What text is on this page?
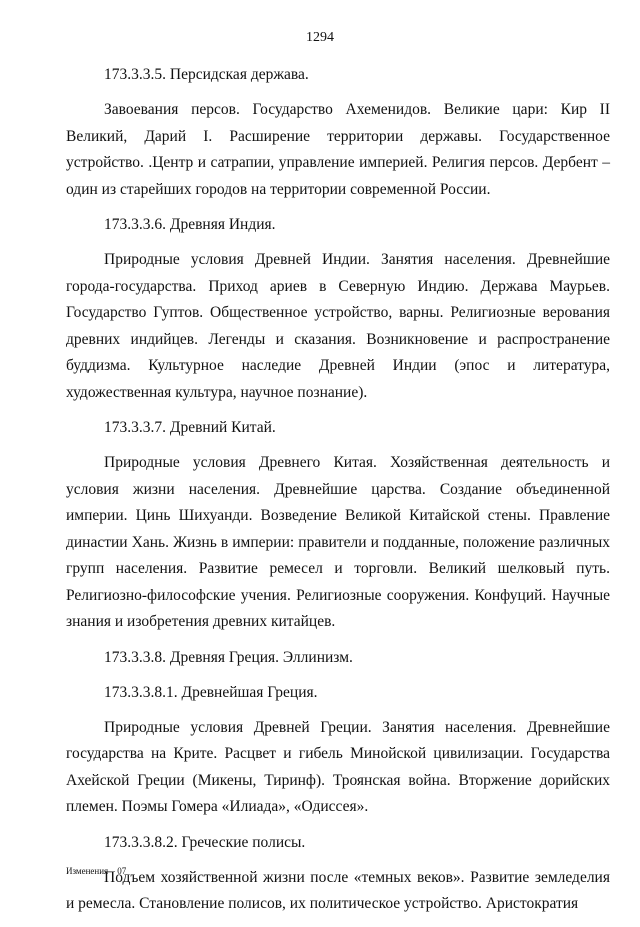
1294

173.3.3.5. Персидская держава.

Завоевания персов. Государство Ахеменидов. Великие цари: Кир II Великий, Дарий I. Расширение территории державы. Государственное устройство. .Центр и сатрапии, управление империей. Религия персов. Дербент – один из старейших городов на территории современной России.

173.3.3.6. Древняя Индия.

Природные условия Древней Индии. Занятия населения. Древнейшие города-государства. Приход ариев в Северную Индию. Держава Маурьев. Государство Гуптов. Общественное устройство, варны. Религиозные верования древних индийцев. Легенды и сказания. Возникновение и распространение буддизма. Культурное наследие Древней Индии (эпос и литература, художественная культура, научное познание).

173.3.3.7. Древний Китай.

Природные условия Древнего Китая. Хозяйственная деятельность и условия жизни населения. Древнейшие царства. Создание объединенной империи. Цинь Шихуанди. Возведение Великой Китайской стены. Правление династии Хань. Жизнь в империи: правители и подданные, положение различных групп населения. Развитие ремесел и торговли. Великий шелковый путь. Религиозно-философские учения. Религиозные сооружения. Конфуций. Научные знания и изобретения древних китайцев.

173.3.3.8. Древняя Греция. Эллинизм.

173.3.3.8.1. Древнейшая Греция.

Природные условия Древней Греции. Занятия населения. Древнейшие государства на Крите. Расцвет и гибель Минойской цивилизации. Государства Ахейской Греции (Микены, Тиринф). Троянская война. Вторжение дорийских племен. Поэмы Гомера «Илиада», «Одиссея».

173.3.3.8.2. Греческие полисы.

Подъем хозяйственной жизни после «темных веков». Развитие земледелия и ремесла. Становление полисов, их политическое устройство. Аристократия

Изменения – 07
